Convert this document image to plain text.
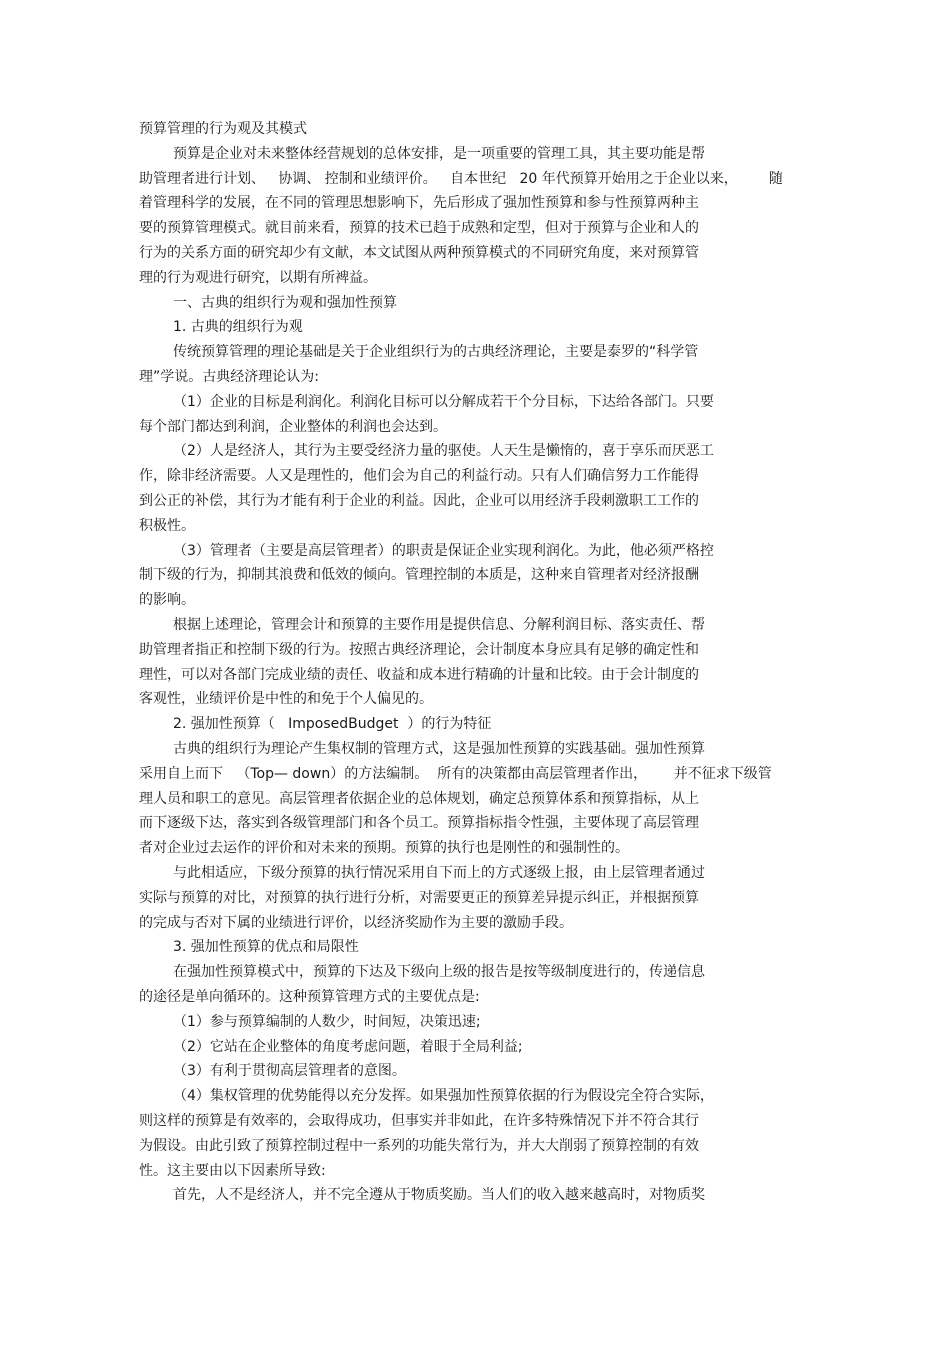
预算管理的行为观及其模式
预算是企业对未来整体经营规划的总体安排，是一项重要的管理工具，其主要功能是帮
助管理者进行计划、   协调、 控制和业绩评价。   自本世纪   20 年代预算开始用之于企业以来，       随
着管理科学的发展，在不同的管理思想影响下，先后形成了强加性预算和参与性预算两种主
要的预算管理模式。就目前来看，预算的技术已趋于成熟和定型，但对于预算与企业和人的
行为的关系方面的研究却少有文献，本文试图从两种预算模式的不同研究角度，来对预算管
理的行为观进行研究，以期有所裨益。
一、古典的组织行为观和强加性预算
1. 古典的组织行为观
传统预算管理的理论基础是关于企业组织行为的古典经济理论，主要是泰罗的“科学管
理”学说。古典经济理论认为:
（1）企业的目标是利润化。利润化目标可以分解成若干个分目标，下达给各部门。只要
每个部门都达到利润，企业整体的利润也会达到。
（2）人是经济人，其行为主要受经济力量的驱使。人天生是懒惰的，喜于享乐而厌恶工
作，除非经济需要。人又是理性的，他们会为自己的利益行动。只有人们确信努力工作能得
到公正的补偿，其行为才能有利于企业的利益。因此，企业可以用经济手段刺激职工工作的
积极性。
（3）管理者（主要是高层管理者）的职责是保证企业实现利润化。为此，他必须严格控
制下级的行为，抑制其浪费和低效的倾向。管理控制的本质是，这种来自管理者对经济报酬
的影响。
根据上述理论，管理会计和预算的主要作用是提供信息、分解利润目标、落实责任、帮
助管理者指正和控制下级的行为。按照古典经济理论，会计制度本身应具有足够的确定性和
理性，可以对各部门完成业绩的责任、收益和成本进行精确的计量和比较。由于会计制度的
客观性，业绩评价是中性的和免于个人偏见的。
2. 强加性预算（   ImposedBudget  ）的行为特征
古典的组织行为理论产生集权制的管理方式，这是强加性预算的实践基础。强加性预算
采用自上而下   （Top— down）的方法编制。  所有的决策都由高层管理者作出，      并不征求下级管
理人员和职工的意见。高层管理者依据企业的总体规划，确定总预算体系和预算指标，从上
而下逐级下达，落实到各级管理部门和各个员工。预算指标指令性强，主要体现了高层管理
者对企业过去运作的评价和对未来的预期。预算的执行也是刚性的和强制性的。
与此相适应，下级分预算的执行情况采用自下而上的方式逐级上报，由上层管理者通过
实际与预算的对比，对预算的执行进行分析，对需要更正的预算差异提示纠正，并根据预算
的完成与否对下属的业绩进行评价，以经济奖励作为主要的激励手段。
3. 强加性预算的优点和局限性
在强加性预算模式中，预算的下达及下级向上级的报告是按等级制度进行的，传递信息
的途径是单向循环的。这种预算管理方式的主要优点是:
（1）参与预算编制的人数少，时间短，决策迅速;
（2）它站在企业整体的角度考虑问题，着眼于全局利益;
（3）有利于贯彻高层管理者的意图。
（4）集权管理的优势能得以充分发挥。如果强加性预算依据的行为假设完全符合实际，
则这样的预算是有效率的，会取得成功，但事实并非如此，在许多特殊情况下并不符合其行
为假设。由此引致了预算控制过程中一系列的功能失常行为，并大大削弱了预算控制的有效
性。这主要由以下因素所导致:
首先，人不是经济人，并不完全遵从于物质奖励。当人们的收入越来越高时，对物质奖
